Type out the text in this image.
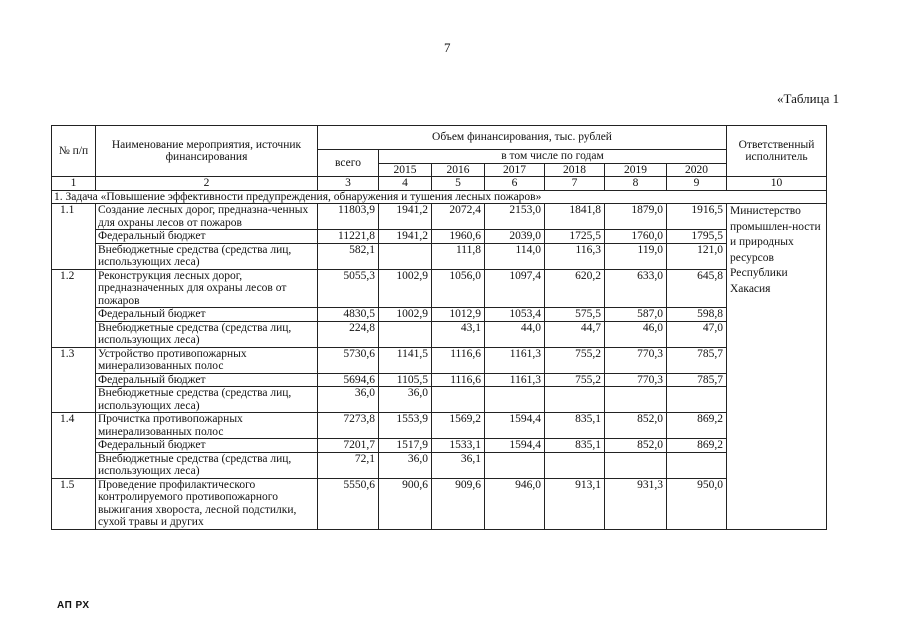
7
«Таблица 1
№ п/п	Наименование мероприятия, источник финансирования	Объем финансирования, тыс. рублей							Ответственный исполнитель
		всего	в том числе по годам						
			2015	2016	2017	2018	2019	2020	
1	2	3	4	5	6	7	8	9	10
1. Задача «Повышение эффективности предупреждения, обнаружения и тушения лесных пожаров»									
1.1	Создание лесных дорог, предназна-ченных для охраны лесов от пожаров	11803,9	1941,2	2072,4	2153,0	1841,8	1879,0	1916,5	Министерство промышлен-ности и природных ресурсов Республики Хакасия
	Федеральный бюджет	11221,8	1941,2	1960,6	2039,0	1725,5	1760,0	1795,5	
	Внебюджетные средства (средства лиц, использующих леса)	582,1		111,8	114,0	116,3	119,0	121,0	
1.2	Реконструкция лесных дорог, предназначенных для охраны лесов от пожаров	5055,3	1002,9	1056,0	1097,4	620,2	633,0	645,8	
	Федеральный бюджет	4830,5	1002,9	1012,9	1053,4	575,5	587,0	598,8	
	Внебюджетные средства (средства лиц, использующих леса)	224,8		43,1	44,0	44,7	46,0	47,0	
1.3	Устройство противопожарных минерализованных полос	5730,6	1141,5	1116,6	1161,3	755,2	770,3	785,7	
	Федеральный бюджет	5694,6	1105,5	1116,6	1161,3	755,2	770,3	785,7	
	Внебюджетные средства (средства лиц, использующих леса)	36,0	36,0						
1.4	Прочистка противопожарных минерализованных полос	7273,8	1553,9	1569,2	1594,4	835,1	852,0	869,2	
	Федеральный бюджет	7201,7	1517,9	1533,1	1594,4	835,1	852,0	869,2	
	Внебюджетные средства (средства лиц, использующих леса)	72,1	36,0	36,1					
1.5	Проведение профилактического контролируемого противопожарного выжигания хворостa, лесной подстилки, сухой травы и других	5550,6	900,6	909,6	946,0	913,1	931,3	950,0	
АП РХ
